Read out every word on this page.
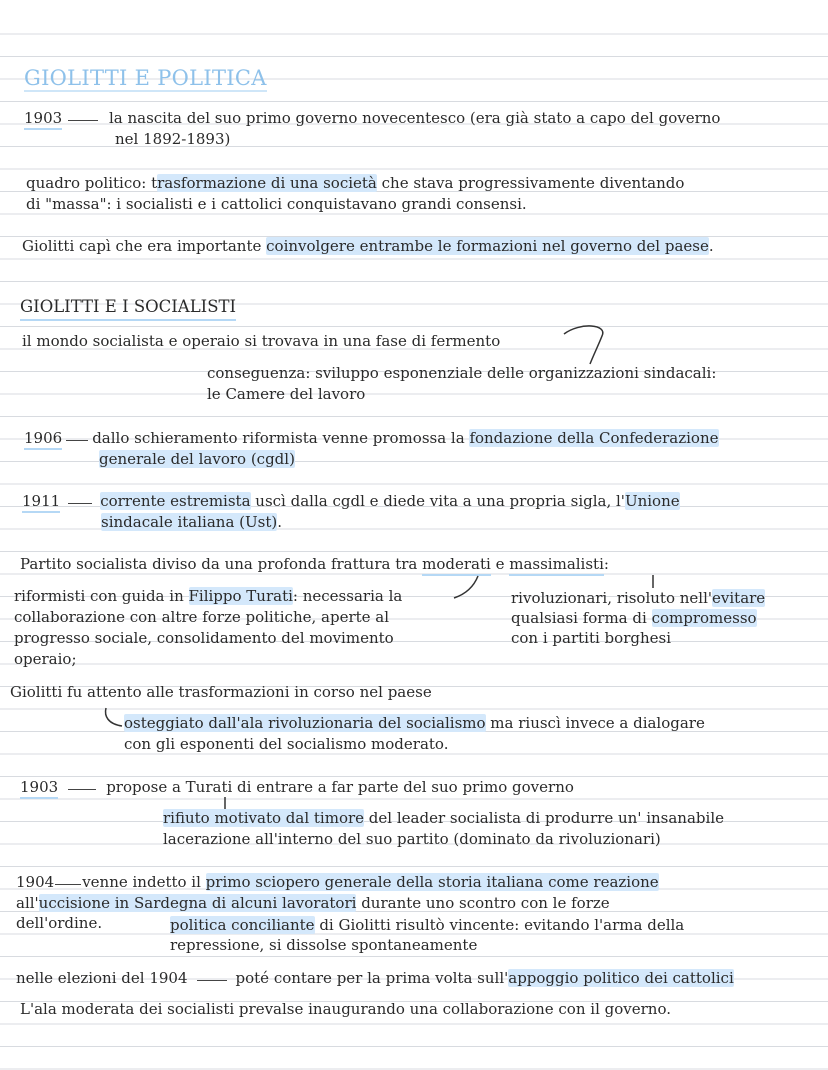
GIOLITTI E POLITICA
1903	la nascita del suo primo governo novecentesco (era già stato a capo del governo
nel 1892-1893)
quadro politico: trasformazione di una società che stava progressivamente diventando
di "massa": i socialisti e i cattolici conquistavano grandi consensi.
Giolitti capì che era importante coinvolgere entrambe le formazioni nel governo del paese.
GIOLITTI E I SOCIALISTI
il mondo socialista e operaio si trovava in una fase di fermento
conseguenza: sviluppo esponenziale delle organizzazioni sindacali:
le Camere del lavoro
1906 dallo schieramento riformista venne promossa la fondazione della Confederazione
generale del lavoro (cgdl)
1911	corrente estremista uscì dalla cgdl e diede vita a una propria sigla, l'Unione
sindacale italiana (Ust).
Partito socialista diviso da una profonda frattura tra moderati e massimalisti:
riformisti con guida in Filippo Turati: necessaria la
collaborazione con altre forze politiche, aperte al
progresso sociale, consolidamento del movimento
operaio;
rivoluzionari, risoluto nell'evitare
qualsiasi forma di compromesso
con i partiti borghesi
Giolitti fu attento alle trasformazioni in corso nel paese
osteggiato dall'ala rivoluzionaria del socialismo ma riuscì invece a dialogare
con gli esponenti del socialismo moderato.
1903	propose a Turati di entrare a far parte del suo primo governo
rifiuto motivato dal timore del leader socialista di produrre un' insanabile
lacerazione all'interno del suo partito (dominato da rivoluzionari)
1904 venne indetto il primo sciopero generale della storia italiana come reazione
all'uccisione in Sardegna di alcuni lavoratori durante uno scontro con le forze
dell'ordine.	politica conciliante di Giolitti risultò vincente: evitando l'arma della
repressione, si dissolse spontaneamente
nelle elezioni del 1904	poté contare per la prima volta sull'appoggio politico dei cattolici
L'ala moderata dei socialisti prevalse inaugurando una collaborazione con il governo.
